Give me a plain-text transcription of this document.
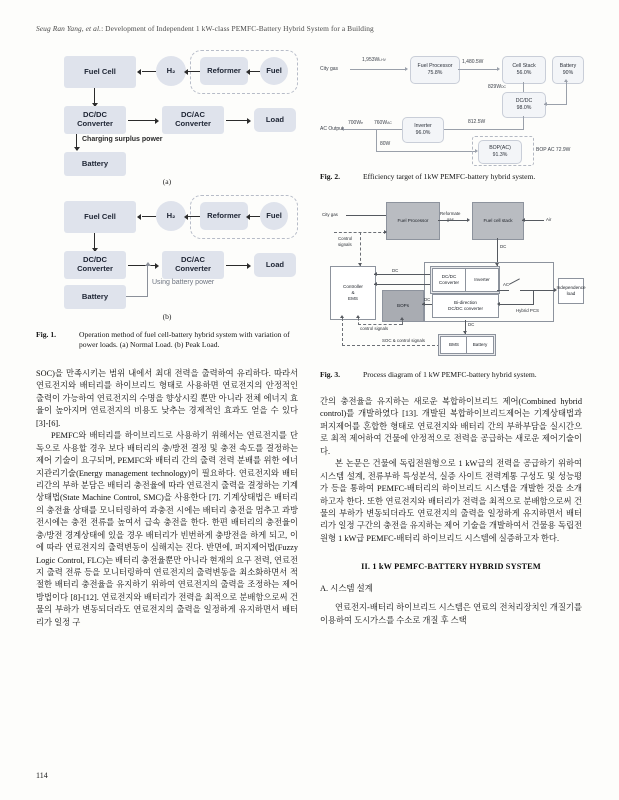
Seug Ran Yang, et al.: Development of Independent 1 kW-class PEMFC-Battery Hybrid System for a Building
Fuel Cell	H₂	Reformer	Fuel
DC/DC
Converter
DC/AC
Converter	Load
Charging surplus power
Battery
(a)
Fuel Cell	H₂	Reformer	Fuel
DC/DC
Converter
DC/AC
Converter	Load
Battery
Using battery power
(b)
Fig. 1.	Operation method of fuel cell-battery hybrid system with variation of power loads. (a) Normal Load. (b) Peak Load.

SOC)을 만족시키는 범위 내에서 최대 전력을 출력하여 유리하다. 따라서 연료전지와 배터리를 하이브리드 형태로 사용하면 연료전지의 안정적인 출력이 가능하여 연료전지의 수명을 향상시킬 뿐만 아니라 전체 에너지 효율이 높아지며 연료전지의 비용도 낮추는 경제적인 효과도 얻을 수 있다 [3]-[6].

PEMFC와 배터리를 하이브리드로 사용하기 위해서는 연료전지를 단독으로 사용할 경우 보다 배터리의 충/방전 결정 및 충전 속도를 결정하는 제어 기술이 요구되며, PEMFC와 배터리 간의 출력 전력 분배를 위한 에너지관리기술(Energy management technology)이 필요하다. 연료전지와 배터리간의 부하 분담은 배터리 충전율에 따라 연료전지 출력을 결정하는 기계상태법(State Machine Control, SMC)을 사용한다 [7]. 기계상태법은 배터리의 충전율 상태를 모니터링하여 과충전 시에는 배터리 충전을 멈추고 과방전시에는 충전 전류를 높여서 급속 충전을 한다. 한편 배터리의 충전율이 충/방전 경계상태에 있을 경우 배터리가 빈번하게 충방전을 하게 되고, 이에 따라 연료전지의 출력변동이 심해지는 진다. 반면에, 퍼지제어법(Fuzzy Logic Control, FLC)는 배터리 충전율뿐만 아니라 현재의 요구 전력, 연료전지 출력 전류 등을 모니터링하여 연료전지의 출력변동을 최소화하면서 적절한 배터리 충전율을 유지하기 위하여 연료전지의 출력을 조정하는 제어방법이다 [8]-[12]. 연료전지와 배터리가 전력을 최적으로 분배함으로써 건물의 부하가 변동되더라도 연료전지의 출력을 일정하게 유지하면서 배터리가 일정 구

City gas
1,953WLHV
Fuel Processor
75.8%
1,480.5W
Cell Stack
56.0%
Battery
90%
829WDC
DC/DC
98.0%
812.5W
Inverter
96.0%
AC Output
700We 760WAC
80W
BOP(AC)
91.3%
BOP AC 72.9W
Fig. 2.	Efficiency target of 1kW PEMFC-battery hybrid system.
City gas
Fuel Processor
Reformate
gas	Fuel cell stack	Air
DC
Control
signals
Controller
&
EMS
DC/DC
Converter
Inverter
Bi-direction
DC/DC converter	Hybrid PCS
DC
BOPs
DC
control signals
SOC & control signals
DC
BMS	Battery
AC
Independence
load
Fig. 3.	Process diagram of 1 kW PEMFC-battery hybrid system.

간의 충전율을 유지하는 새로운 복합하이브리드 제어(Combined hybrid control)를 개발하였다 [13]. 개발된 복합하이브리드제어는 기계상태법과 퍼지제어를 혼합한 형태로 연료전지와 배터리 간의 부하부담을 실시간으로 최적 제어하여 건물에 안정적으로 전력을 공급하는 새로운 제어기술이다.

본 논문은 건물에 독립전원형으로 1 kW급의 전력을 공급하기 위하여 시스템 설계, 전류부하 특성분석, 실증 사이트 전력계통 구성도 및 성능평가 등을 통하여 PEMFC-배터리의 하이브리드 시스템을 개발한 것을 소개하고자 한다. 또한 연료전지와 배터리가 전력을 최적으로 분배함으로써 건물의 부하가 변동되더라도 연료전지의 출력을 일정하게 유지하면서 배터리가 일정 구간의 충전을 유지하는 제어 기술을 개발하여서 건물용 독립전원형 1 kW급 PEMFC-배터리 하이브리드 시스템에 실증하고자 한다.

II. 1 kW PEMFC-BATTERY HYBRID SYSTEM
A. 시스템 설계

연료전지-배터리 하이브리드 시스템은 연료의 전처리장치인 개질기를 이용하여 도시가스를 수소로 개질 후 스택

114
